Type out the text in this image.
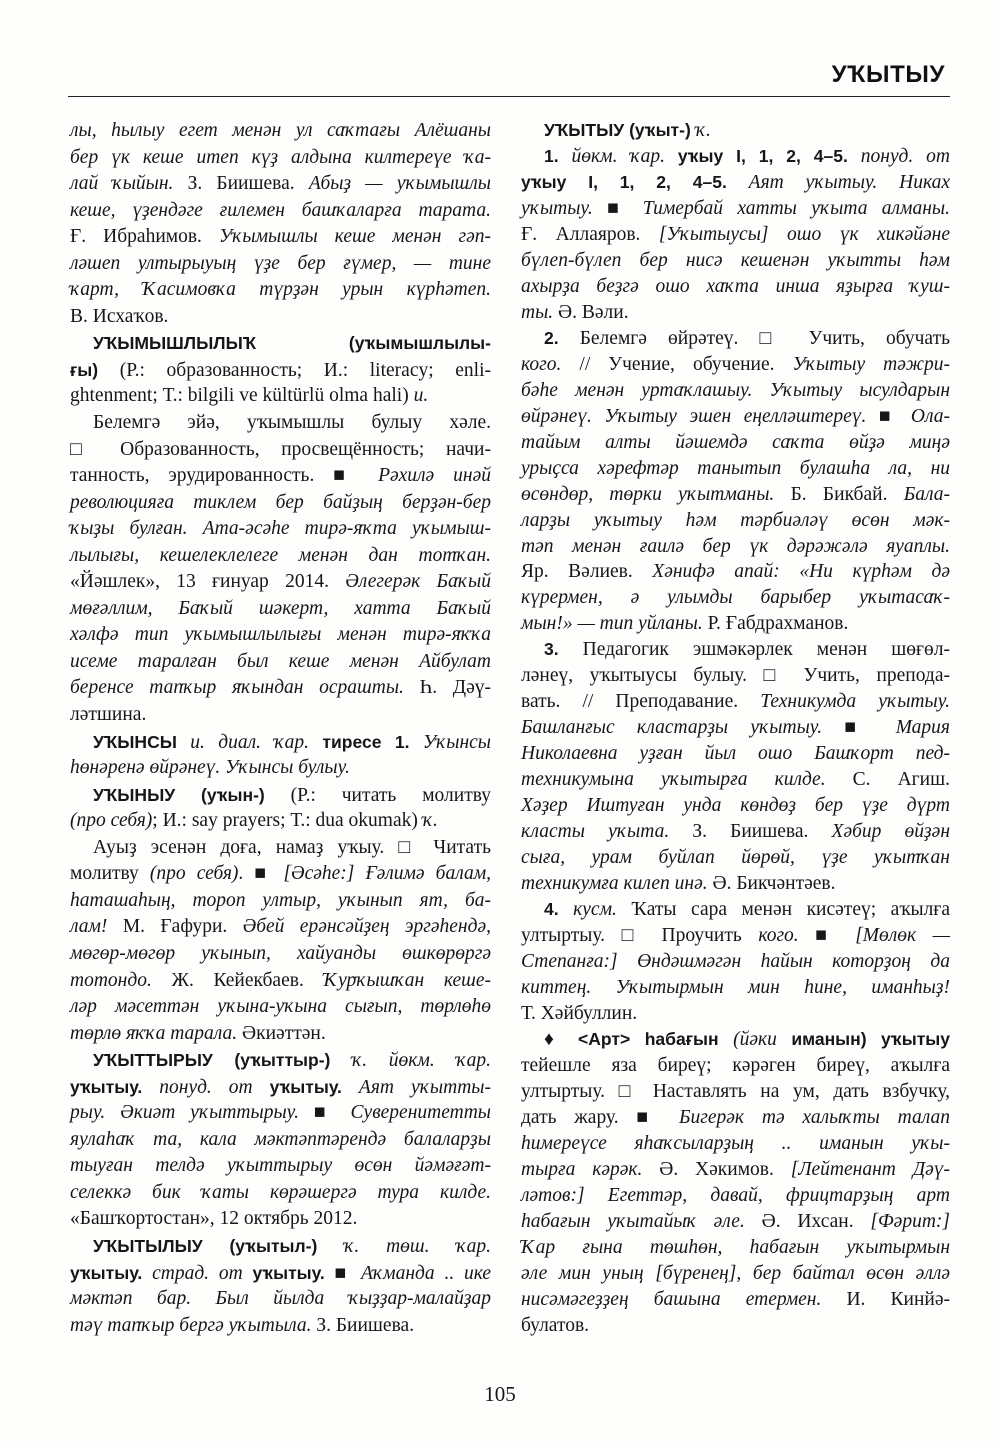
УҠЫТЫУ
лы, һылыу егет менән ул саҡтағы Алёшаны
бер үк кеше итеп күҙ алдына килтереүе ҡа-
лай ҡыйын. З. Биишева. Абыҙ — уҡымышлы
кеше, үҙендәге ғилемен башҡаларға тарата.
Ғ. Ибраһимов. Уҡымышлы кеше менән гәп-
ләшеп ултырыуың үҙе бер ғүмер, — тине
ҡарт, Ҡасимовҡа түрҙән урын күрһәтеп.
В. Исхаҡов.
УҠЫМЫШЛЫЛЫҠ (уҡымышлылы-
ғы) (Р.: образованность; И.: literacy; enli-
ghtenment; Т.: bilgili ve kültürlü olma hali) и.
Белемгә эйә, уҡымышлы булыу хәле.
□ Образованность, просвещённость; начи-
танность, эрудированность. ■ Рәхилә инәй
революцияға тиклем бер байҙың берҙән-бер
ҡыҙы булған. Ата-әсәһе тирә-яҡта уҡымыш-
лылығы, кешелеклелеге менән дан тотҡан.
«Йәшлек», 13 ғинуар 2014. Әлегерәк Баҡый
мөғәллим, Баҡый шәкерт, хатта Баҡый
хәлфә тип уҡымышлылығы менән тирә-яҡҡа
исеме таралған был кеше менән Айбулат
беренсе тапҡыр яҡындан осрашты. Һ. Дәү-
ләтшина.
УҠЫНСЫ и. диал. ҡар. тиресе 1. Уҡынсы
һөнәренә өйрәнеү. Уҡынсы булыу.
УҠЫНЫУ (уҡын-) (Р.: читать молитву
(про себя); И.: say prayers; Т.: dua okumak) ҡ.
Ауыҙ эсенән доға, намаҙ уҡыу. □ Читать
молитву (про себя). ■ [Әсәһе:] Ғәлимә балам,
һаташаһың, тороп ултыр, уҡынып ят, ба-
лам! М. Ғафури. Әбей ерәнсәйҙең эргәһендә,
мөгөр-мөгөр уҡынып, хайуанды өшкөрөргә
тотондо. Ж. Кейекбаев. Ҡурҡышҡан кеше-
ләр мәсеттән уҡына-уҡына сығып, төрлөһө
төрлө яҡҡа тарала. Әкиәттән.
УҠЫТТЫРЫУ (уҡыттыр-) ҡ. йөкм. ҡар.
уҡытыу. понуд. от уҡытыу. Аят уҡытты-
рыу. Әкиәт уҡыттырыу. ■ Суверенитетты
яулаһаҡ та, кала мәктәптәрендә балаларҙы
тыуған телдә уҡыттырыу өсөн йәмәғәт-
селеккә бик ҡаты көрәшергә тура килде.
«Башҡортостан», 12 октябрь 2012.
УҠЫТЫЛЫУ (уҡытыл-) ҡ. төш. ҡар.
уҡытыу. страд. от уҡытыу. ■ Аҡманда .. ике
мәктәп бар. Был йылда ҡыҙҙар-малайҙар
тәү тапҡыр бергә уҡытыла. З. Биишева.
УҠЫТЫУ (уҡыт-) ҡ.
1. йөкм. ҡар. уҡыу I, 1, 2, 4–5. понуд. от
уҡыу I, 1, 2, 4–5. Аят уҡытыу. Никах
уҡытыу. ■ Тимербай хатты уҡыта алманы.
Ғ. Аллаяров. [Уҡытыусы] ошо үк хикәйәне
бүлеп-бүлеп бер нисә кешенән уҡытты һәм
ахырҙа беҙгә ошо хаҡта инша яҙырға ҡуш-
ты. Ә. Вәли.
2. Белемгә өйрәтеү. □ Учить, обучать
кого. // Учение, обучение. Уҡытыу тәжри-
бәһе менән уртаҡлашыу. Уҡытыу ысулдарын
өйрәнеү. Уҡытыу эшен еңелләштереү. ■ Ола-
тайым алты йәшемдә саҡта өйҙә миңә
урыҫса хәрефтәр танытып булашһа ла, ни
өсөндөр, төрки уҡытманы. Б. Бикбай. Бала-
ларҙы уҡытыу һәм тәрбиәләү өсөн мәк-
тәп менән ғаилә бер үк дәрәжәлә яуаплы.
Яр. Вәлиев. Хәнифә апай: «Ни күрһәм дә
күрермен, ә улымды барыбер уҡытасаҡ-
мын!» — тип уйланы. Р. Ғабдрахманов.
3. Педагогик эшмәкәрлек менән шөғөл-
ләнеү, уҡытыусы булыу. □ Учить, препода-
вать. // Преподавание. Техникумда уҡытыу.
Башланғыс кластарҙы уҡытыу. ■ Мария
Николаевна уҙған йыл ошо Башҡорт пед-
техникумына уҡытырға килде. С. Агиш.
Хәҙер Иштуған унда көндөҙ бер үҙе дүрт
класты уҡыта. З. Биишева. Хәбир өйҙән
сыға, урам буйлап йөрөй, үҙе уҡытҡан
техникумға килеп инә. Ә. Бикчәнтәев.
4. кусм. Ҡаты сара менән кисәтеү; аҡылға
ултыртыу. □ Проучить кого. ■ [Мөлөк —
Степанға:] Өндәшмәгән һайын которҙоң да
киттең. Уҡытырмын мин һине, иманһыҙ!
Т. Хәйбуллин.
♦ <Арт> һабағын (йәки иманын) уҡытыу
тейешле яза биреү; кәрәген биреү, аҡылға
ултыртыу. □ Наставлять на ум, дать взбучку,
дать жару. ■ Бигерәк тә халыҡты талап
һимереүсе яһаҡсыларҙың .. иманын уҡы-
тырға кәрәк. Ә. Хәкимов. [Лейтенант Дәү-
ләтов:] Егеттәр, давай, фрицтарҙың арт
һабағын уҡытайыҡ әле. Ә. Ихсан. [Фәрит:]
Ҡар ғына төшһөн, һабағын уҡытырмын
әле мин уның [бүренең], бер байтал өсөн әллә
нисәмәгеҙҙең башына етермен. И. Кинйә-
булатов.
105
